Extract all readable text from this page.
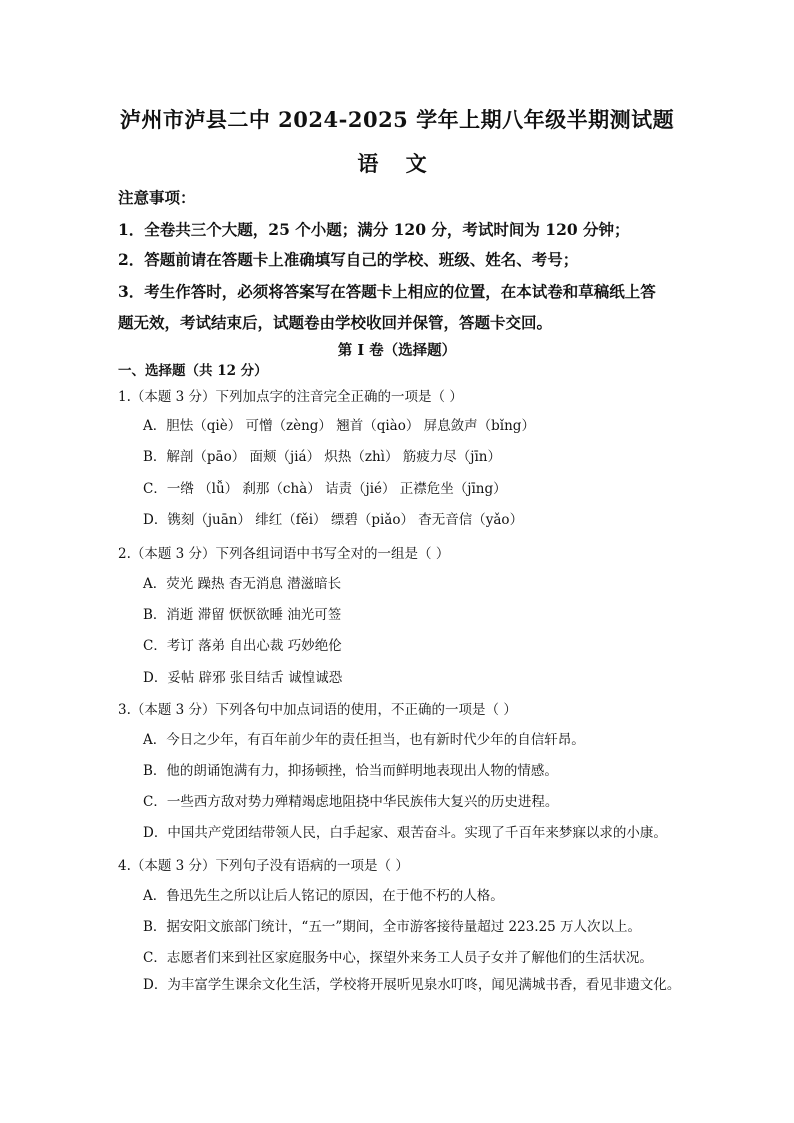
泸州市泸县二中 2024-2025 学年上期八年级半期测试题
语 文
注意事项：
1．全卷共三个大题，25 个小题；满分 120 分，考试时间为 120 分钟；
2．答题前请在答题卡上准确填写自己的学校、班级、姓名、考号；
3．考生作答时，必须将答案写在答题卡上相应的位置，在本试卷和草稿纸上答
题无效，考试结束后，试题卷由学校收回并保管，答题卡交回。
第 I 卷（选择题）
一、选择题（共 12 分）
1.（本题 3 分）下列加点字的注音完全正确的一项是（ ）
A．胆怯（qiè） 可憎（zèng） 翘首（qiào） 屏息敛声（bǐng）
B．解剖（pāo） 面颊（jiá） 炽热（zhì） 筋疲力尽（jīn）
C．一绺 （lǚ） 刹那（chà） 诘责（jié） 正襟危坐（jīng）
D．镌刻（juān） 绯红（fěi） 缥碧（piǎo） 杳无音信（yǎo）
2.（本题 3 分）下列各组词语中书写全对的一组是（ ）
A．荧光 躁热 杳无消息 潜滋暗长
B．消逝 滞留 恹恹欲睡 油光可签
C．考订 落弟 自出心裁 巧妙绝伦
D．妥帖 辟邪 张目结舌 诚惶诚恐
3.（本题 3 分）下列各句中加点词语的使用，不正确的一项是（ ）
A．今日之少年，有百年前少年的责任担当，也有新时代少年的自信轩昂。
B．他的朗诵饱满有力，抑扬顿挫，恰当而鲜明地表现出人物的情感。
C．一些西方敌对势力殚精竭虑地阻挠中华民族伟大复兴的历史进程。
D．中国共产党团结带领人民，白手起家、艰苦奋斗。实现了千百年来梦寐以求的小康。
4.（本题 3 分）下列句子没有语病的一项是（ ）
A．鲁迅先生之所以让后人铭记的原因，在于他不朽的人格。
B．据安阳文旅部门统计，“五一”期间，全市游客接待量超过 223.25 万人次以上。
C．志愿者们来到社区家庭服务中心，探望外来务工人员子女并了解他们的生活状况。
D．为丰富学生课余文化生活，学校将开展听见泉水叮咚，闻见满城书香，看见非遗文化。
